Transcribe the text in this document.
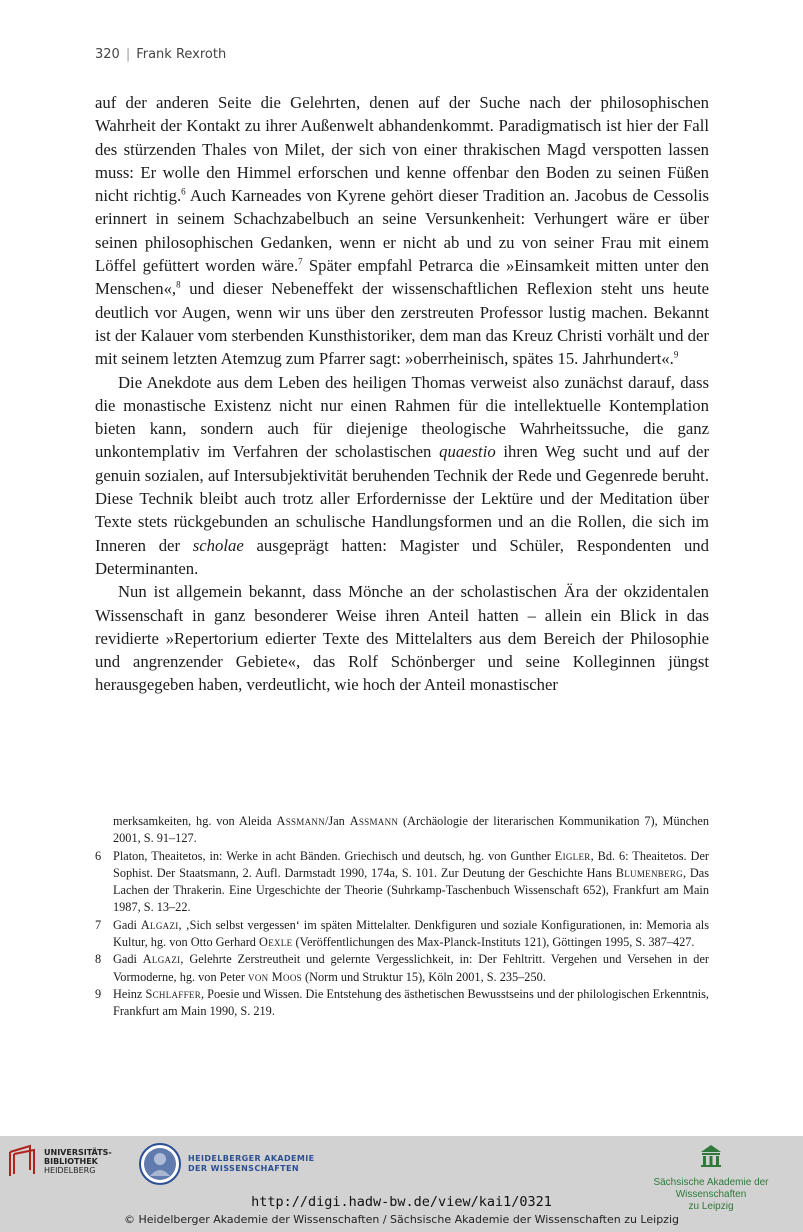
320 | Frank Rexroth

auf der anderen Seite die Gelehrten, denen auf der Suche nach der philosophischen Wahrheit der Kontakt zu ihrer Außenwelt abhandenkommt. Paradigmatisch ist hier der Fall des stürzenden Thales von Milet, der sich von einer thrakischen Magd verspotten lassen muss: Er wolle den Himmel erforschen und kenne offenbar den Boden zu seinen Füßen nicht richtig.$^6$ Auch Karneades von Kyrene gehört dieser Tradition an. Jacobus de Cessolis erinnert in seinem Schachzabelbuch an seine Versunkenheit: Verhungert wäre er über seinen philosophischen Gedanken, wenn er nicht ab und zu von seiner Frau mit einem Löffel gefüttert worden wäre.$^7$ Später empfahl Petrarca die »Einsamkeit mitten unter den Menschen«,$^8$ und dieser Nebeneffekt der wissenschaftlichen Reflexion steht uns heute deutlich vor Augen, wenn wir uns über den zerstreuten Professor lustig machen. Bekannt ist der Kalauer vom sterbenden Kunsthistoriker, dem man das Kreuz Christi vorhält und der mit seinem letzten Atemzug zum Pfarrer sagt: »oberrheinisch, spätes 15. Jahrhundert«.$^9$

Die Anekdote aus dem Leben des heiligen Thomas verweist also zunächst darauf, dass die monastische Existenz nicht nur einen Rahmen für die intellektuelle Kontemplation bieten kann, sondern auch für diejenige theologische Wahrheitssuche, die ganz unkontemplativ im Verfahren der scholastischen quaestio ihren Weg sucht und auf der genuin sozialen, auf Intersubjektivität beruhenden Technik der Rede und Gegenrede beruht. Diese Technik bleibt auch trotz aller Erfordernisse der Lektüre und der Meditation über Texte stets rückgebunden an schulische Handlungsformen und an die Rollen, die sich im Inneren der scholae ausgeprägt hatten: Magister und Schüler, Respondenten und Determinanten.

Nun ist allgemein bekannt, dass Mönche an der scholastischen Ära der okzidentalen Wissenschaft in ganz besonderer Weise ihren Anteil hatten – allein ein Blick in das revidierte »Repertorium edierter Texte des Mittelalters aus dem Bereich der Philosophie und angrenzender Gebiete«, das Rolf Schönberger und seine Kolleginnen jüngst herausgegeben haben, verdeutlicht, wie hoch der Anteil monastischer

merksamkeiten, hg. von Aleida Assmann/Jan Assmann (Archäologie der literarischen Kommunikation 7), München 2001, S. 91–127.
6 Platon, Theaitetos, in: Werke in acht Bänden. Griechisch und deutsch, hg. von Gunther Eigler, Bd. 6: Theaitetos. Der Sophist. Der Staatsmann, 2. Aufl. Darmstadt 1990, 174a, S. 101. Zur Deutung der Geschichte Hans Blumenberg, Das Lachen der Thrakerin. Eine Urgeschichte der Theorie (Suhrkamp-Taschenbuch Wissenschaft 652), Frankfurt am Main 1987, S. 13–22.
7 Gadi Algazi, ‚Sich selbst vergessen‘ im späten Mittelalter. Denkfiguren und soziale Konfigurationen, in: Memoria als Kultur, hg. von Otto Gerhard Oexle (Veröffentlichungen des Max-Planck-Instituts 121), Göttingen 1995, S. 387–427.
8 Gadi Algazi, Gelehrte Zerstreutheit und gelernte Vergesslichkeit, in: Der Fehltritt. Vergehen und Versehen in der Vormoderne, hg. von Peter von Moos (Norm und Struktur 15), Köln 2001, S. 235–250.
9 Heinz Schlaffer, Poesie und Wissen. Die Entstehung des ästhetischen Bewusstseins und der philologischen Erkenntnis, Frankfurt am Main 1990, S. 219.
UNIVERSITÄTS-
BIBLIOTHEK
HEIDELBERG
HEIDELBERGER AKADEMIE
DER WISSENSCHAFTEN
Sächsische Akademie der Wissenschaften
zu Leipzig
http://digi.hadw-bw.de/view/kai1/0321
© Heidelberger Akademie der Wissenschaften / Sächsische Akademie der Wissenschaften zu Leipzig
